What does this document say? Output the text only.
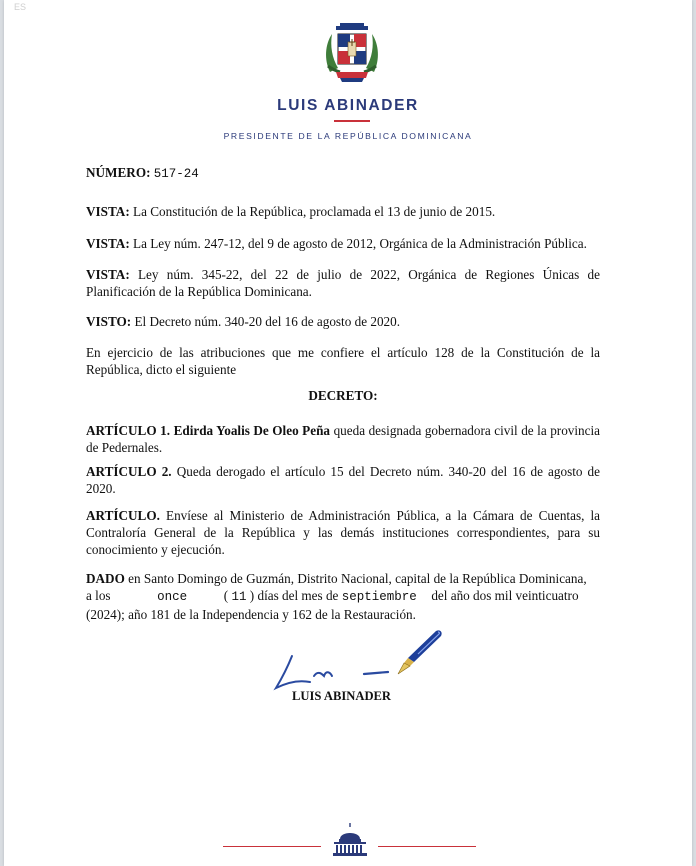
ES
LUIS ABINADER
PRESIDENTE DE LA REPÚBLICA DOMINICANA
NÚMERO: 517-24
VISTA: La Constitución de la República, proclamada el 13 de junio de 2015.
VISTA: La Ley núm. 247-12, del 9 de agosto de 2012, Orgánica de la Administración Pública.
VISTA: Ley núm. 345-22, del 22 de julio de 2022, Orgánica de Regiones Únicas de Planificación de la República Dominicana.
VISTO: El Decreto núm. 340-20 del 16 de agosto de 2020.
En ejercicio de las atribuciones que me confiere el artículo 128 de la Constitución de la República, dicto el siguiente
DECRETO:
ARTÍCULO 1. Edirda Yoalis De Oleo Peña queda designada gobernadora civil de la provincia de Pedernales.
ARTÍCULO 2. Queda derogado el artículo 15 del Decreto núm. 340-20 del 16 de agosto de 2020.
ARTÍCULO. Envíese al Ministerio de Administración Pública, a la Cámara de Cuentas, la Contraloría General de la República y las demás instituciones correspondientes, para su conocimiento y ejecución.
DADO en Santo Domingo de Guzmán, Distrito Nacional, capital de la República Dominicana,
a los	once	( 11 ) días del mes de septiembre del año dos mil veinticuatro
(2024); año 181 de la Independencia y 162 de la Restauración.
LUIS ABINADER
